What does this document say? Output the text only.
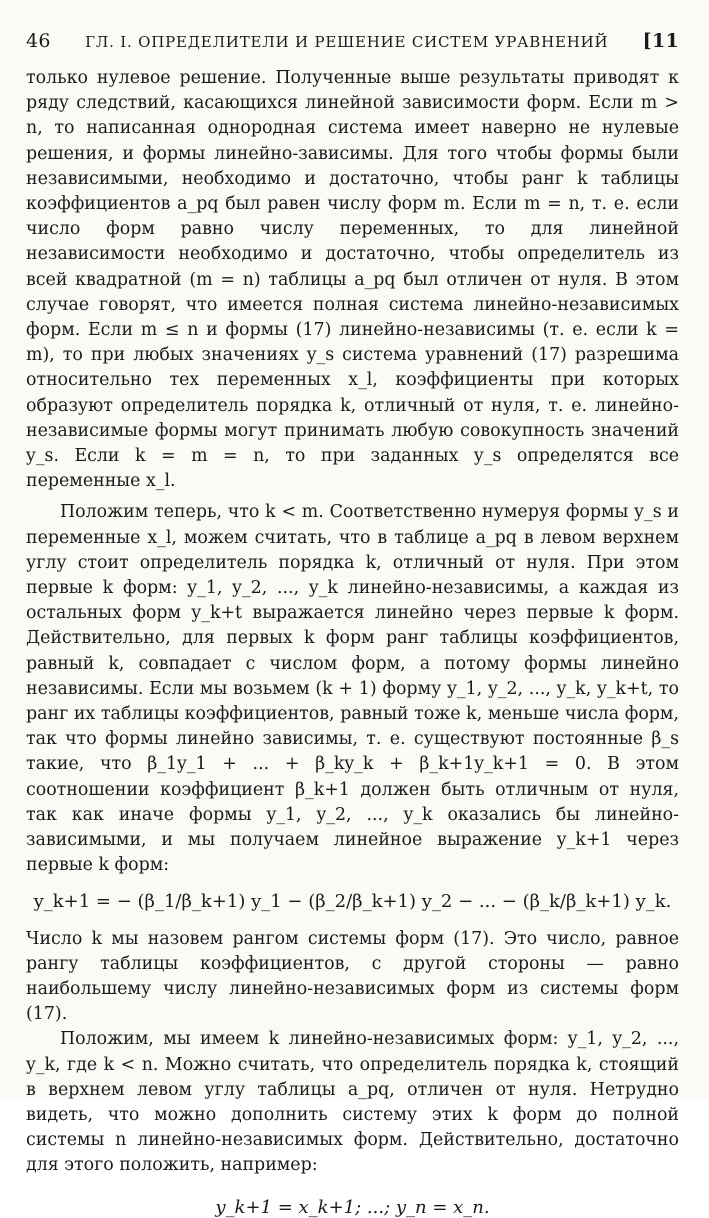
46 ГЛ. I. ОПРЕДЕЛИТЕЛИ И РЕШЕНИЕ СИСТЕМ УРАВНЕНИЙ [11

только нулевое решение. Полученные выше результаты приводят к ряду следствий, касающихся линейной зависимости форм. Если m > n, то написанная однородная система имеет наверно не нулевые решения, и формы линейно-зависимы. Для того чтобы формы были независимыми, необходимо и достаточно, чтобы ранг k таблицы коэффициентов a_pq был равен числу форм m. Если m = n, т. е. если число форм равно числу переменных, то для линейной независимости необходимо и достаточно, чтобы определитель из всей квадратной (m = n) таблицы a_pq был отличен от нуля. В этом случае говорят, что имеется полная система линейно-независимых форм. Если m ≤ n и формы (17) линейно-независимы (т. е. если k = m), то при любых значениях y_s система уравнений (17) разрешима относительно тех переменных x_l, коэффициенты при которых образуют определитель порядка k, отличный от нуля, т. е. линейно-независимые формы могут принимать любую совокупность значений y_s. Если k = m = n, то при заданных y_s определятся все переменные x_l.

Положим теперь, что k < m. Соответственно нумеруя формы y_s и переменные x_l, можем считать, что в таблице a_pq в левом верхнем углу стоит определитель порядка k, отличный от нуля. При этом первые k форм: y_1, y_2, ..., y_k линейно-независимы, а каждая из остальных форм y_k+t выражается линейно через первые k форм. Действительно, для первых k форм ранг таблицы коэффициентов, равный k, совпадает с числом форм, а потому формы линейно независимы. Если мы возьмем (k + 1) форму y_1, y_2, ..., y_k, y_k+t, то ранг их таблицы коэффициентов, равный тоже k, меньше числа форм, так что формы линейно зависимы, т. е. существуют постоянные β_s такие, что β_1y_1 + ... + β_ky_k + β_k+1y_k+1 = 0. В этом соотношении коэффициент β_k+1 должен быть отличным от нуля, так как иначе формы y_1, y_2, ..., y_k оказались бы линейно-зависимыми, и мы получаем линейное выражение y_k+1 через первые k форм:

y_k+1 = − (β_1/β_k+1) y_1 − (β_2/β_k+1) y_2 − ... − (β_k/β_k+1) y_k.

Число k мы назовем рангом системы форм (17). Это число, равное рангу таблицы коэффициентов, с другой стороны — равно наибольшему числу линейно-независимых форм из системы форм (17).

Положим, мы имеем k линейно-независимых форм: y_1, y_2, ..., y_k, где k < n. Можно считать, что определитель порядка k, стоящий в верхнем левом углу таблицы a_pq, отличен от нуля. Нетрудно видеть, что можно дополнить систему этих k форм до полной системы n линейно-независимых форм. Действительно, достаточно для этого положить, например:

y_k+1 = x_k+1; ...; y_n = x_n.
